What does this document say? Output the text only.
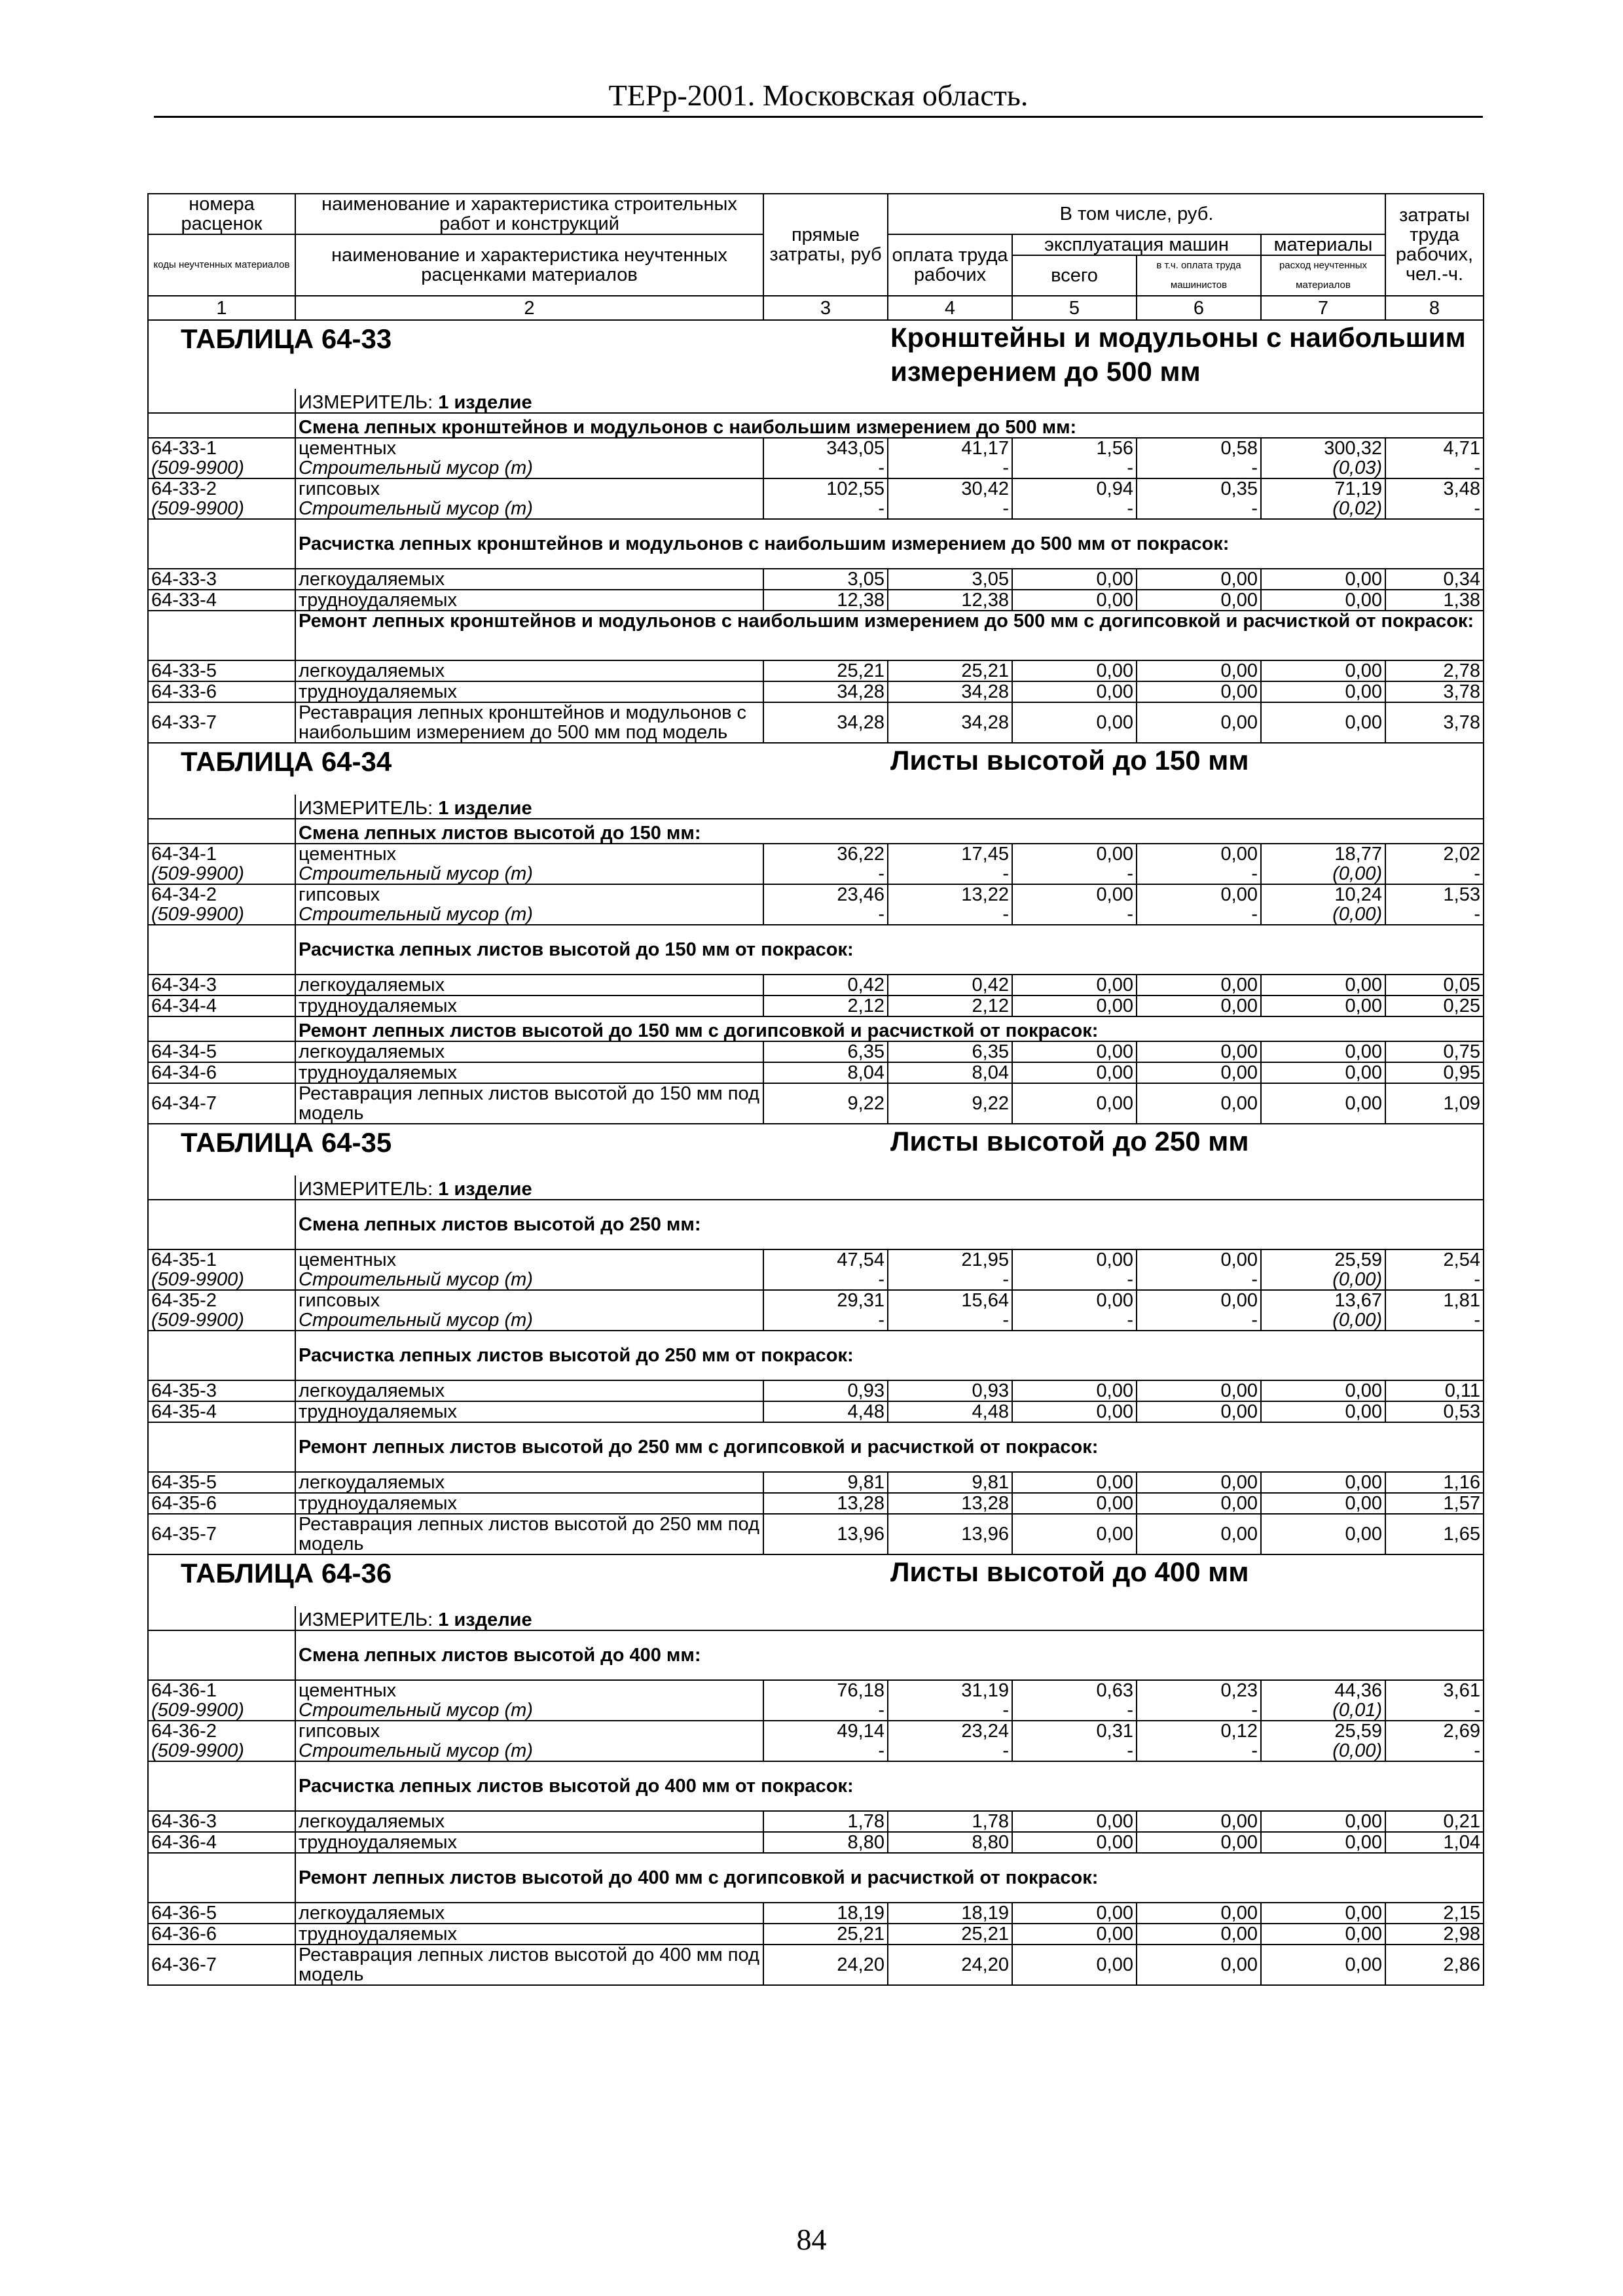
ТЕРр-2001. Московская область.
номера расценок	наименование и характеристика строительных работ и конструкций	прямые затраты, руб	В том числе, руб.				затраты труда рабочих, чел.-ч.
коды неучтенных материалов	наименование и характеристика неучтенных расценками материалов		оплата труда рабочих	эксплуатация машин		материалы	
				всего	в т.ч. оплата труда машинистов	расход неучтенных материалов	
1	2	3	4	5	6	7	8

ТАБЛИЦА 64-33			Кронштейны и модульоны с наибольшим измерением до 500 мм				

	ИЗМЕРИТЕЛЬ: 1 изделие						
	Смена лепных кронштейнов и модульонов с наибольшим измерением до 500 мм:						
64-33-1	цементных	343,05	41,17	1,56	0,58	300,32	4,71
(509-9900)	Строительный мусор (т)	-	-	-	-	(0,03)	-
64-33-2	гипсовых	102,55	30,42	0,94	0,35	71,19	3,48
(509-9900)	Строительный мусор (т)	-	-	-	-	(0,02)	-
	Расчистка лепных кронштейнов и модульонов с наибольшим измерением до 500 мм от покрасок:						
64-33-3	легкоудаляемых	3,05	3,05	0,00	0,00	0,00	0,34
64-33-4	трудноудаляемых	12,38	12,38	0,00	0,00	0,00	1,38
	Ремонт лепных кронштейнов и модульонов с наибольшим измерением до 500 мм с догипсовкой и расчисткой от покрасок:						
64-33-5	легкоудаляемых	25,21	25,21	0,00	0,00	0,00	2,78
64-33-6	трудноудаляемых	34,28	34,28	0,00	0,00	0,00	3,78
64-33-7	Реставрация лепных кронштейнов и модульонов с наибольшим измерением до 500 мм под модель	34,28	34,28	0,00	0,00	0,00	3,78

ТАБЛИЦА 64-34			Листы высотой до 150 мм				

	ИЗМЕРИТЕЛЬ: 1 изделие						
	Смена лепных листов высотой до 150 мм:						
64-34-1	цементных	36,22	17,45	0,00	0,00	18,77	2,02
(509-9900)	Строительный мусор (т)	-	-	-	-	(0,00)	-
64-34-2	гипсовых	23,46	13,22	0,00	0,00	10,24	1,53
(509-9900)	Строительный мусор (т)	-	-	-	-	(0,00)	-
	Расчистка лепных листов высотой до 150 мм от покрасок:						
64-34-3	легкоудаляемых	0,42	0,42	0,00	0,00	0,00	0,05
64-34-4	трудноудаляемых	2,12	2,12	0,00	0,00	0,00	0,25
	Ремонт лепных листов высотой до 150 мм с догипсовкой и расчисткой от покрасок:						
64-34-5	легкоудаляемых	6,35	6,35	0,00	0,00	0,00	0,75
64-34-6	трудноудаляемых	8,04	8,04	0,00	0,00	0,00	0,95
64-34-7	Реставрация лепных листов высотой до 150 мм под модель	9,22	9,22	0,00	0,00	0,00	1,09

ТАБЛИЦА 64-35			Листы высотой до 250 мм				

	ИЗМЕРИТЕЛЬ: 1 изделие						
	Смена лепных листов высотой до 250 мм:						
64-35-1	цементных	47,54	21,95	0,00	0,00	25,59	2,54
(509-9900)	Строительный мусор (т)	-	-	-	-	(0,00)	-
64-35-2	гипсовых	29,31	15,64	0,00	0,00	13,67	1,81
(509-9900)	Строительный мусор (т)	-	-	-	-	(0,00)	-
	Расчистка лепных листов высотой до 250 мм от покрасок:						
64-35-3	легкоудаляемых	0,93	0,93	0,00	0,00	0,00	0,11
64-35-4	трудноудаляемых	4,48	4,48	0,00	0,00	0,00	0,53
	Ремонт лепных листов высотой до 250 мм с догипсовкой и расчисткой от покрасок:						
64-35-5	легкоудаляемых	9,81	9,81	0,00	0,00	0,00	1,16
64-35-6	трудноудаляемых	13,28	13,28	0,00	0,00	0,00	1,57
64-35-7	Реставрация лепных листов высотой до 250 мм под модель	13,96	13,96	0,00	0,00	0,00	1,65

ТАБЛИЦА 64-36			Листы высотой до 400 мм				

	ИЗМЕРИТЕЛЬ: 1 изделие						
	Смена лепных листов высотой до 400 мм:						
64-36-1	цементных	76,18	31,19	0,63	0,23	44,36	3,61
(509-9900)	Строительный мусор (т)	-	-	-	-	(0,01)	-
64-36-2	гипсовых	49,14	23,24	0,31	0,12	25,59	2,69
(509-9900)	Строительный мусор (т)	-	-	-	-	(0,00)	-
	Расчистка лепных листов высотой до 400 мм от покрасок:						
64-36-3	легкоудаляемых	1,78	1,78	0,00	0,00	0,00	0,21
64-36-4	трудноудаляемых	8,80	8,80	0,00	0,00	0,00	1,04
	Ремонт лепных листов высотой до 400 мм с догипсовкой и расчисткой от покрасок:						
64-36-5	легкоудаляемых	18,19	18,19	0,00	0,00	0,00	2,15
64-36-6	трудноудаляемых	25,21	25,21	0,00	0,00	0,00	2,98
64-36-7	Реставрация лепных листов высотой до 400 мм под модель	24,20	24,20	0,00	0,00	0,00	2,86
84
